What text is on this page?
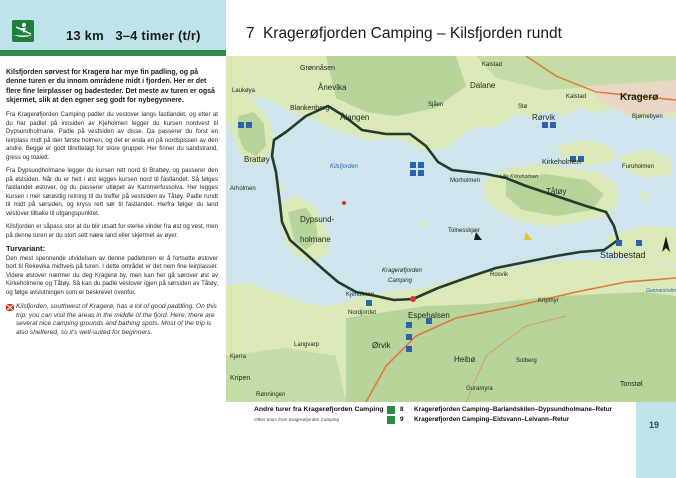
13 km 3–4 timer (t/r)

Kilsfjorden sørvest for Kragerø har mye fin padling, og på denne turen er du innom områdene midt i fjorden. Her er det flere fine leirplasser og badesteder. Det meste av turen er også skjermet, slik at den egner seg godt for nybegynnere.

Fra Kragerøfjorden Camping padler du vestover langs fastlandet, og etter at du har padlet på innsiden av Kjeholmen legger du kursen nordvest til Dypsundholmane. Padle på vestsiden av disse. Da passerer du forst en leirplass midt på den første holmen, og det er enda en på nordspissen av den andre. Begge er godt tilrettelagt for store grupper. Her finner du sandstrand, gress og toalett.

Fra Dypsundholmane legger du kursen rett nord til Brattøy, og passerer den på østsiden. Når du er helt i øst legges kursen nord til fastlandet. Så følges fastlandet østover, og du passerer utløpet av Kammerfossolva. Her legges kursen i mer sørøstlig retning til du treffer på vestsiden av Tåtøy. Padle rundt til midt på sørsiden, og kryss rett sør til fastlandet. Herfra følger du land vestover tilbake til utgangspunktet.

Kilsfjorden er såpass stor at du blir utsatt for sterke vinder fra øst og vest, men på denne turen er du stort sett nære land eller skjermet av øyer.

Turvariant:

Den mest spennende utvidelsen av denne padleturen er å fortsette østover bort til Rekevika midtveis på turen. I dette området er det nem fine leirplasser. Videre østover nærmer du deg Kragerø by, men kan her gå sørover øst av Kirkeholmene og Tåtøy. Så kan du padle vestover igjen på sørsiden av Tåtøy, og følge avslutningen som er beskrevet ovenfor.

Kilsfjorden, southwest of Kragerø, has a lot of good paddling. On this trip, you can visit the areas in the middle of the fjord. Here, there are several nice camping grounds and bathing spots. Most of the trip is also sheltered, so it's well-suited for beginners.
7 Kragerøfjorden Camping – Kilsfjorden rundt
Grønnåsen	Kalstad
Laukøya	Ånevika	Dalane
Kalstad	Kragerø
Blankenberg
Ålangen
Sjåen	Stø
Rørvik	Bjørnebyen
Brattøy
Kilsfjorden	Furuholmen
Kirkeholmen
Lille Kirkeholmen
Arholmen
Morholmen
Tåtøy
Dypsund-
holmane
Tolnesskjær
Kragerøfjorden
Camping
Stabbestad
Rosvik
Gunnarsholm
Kjeholmen
Kripmyr
Nordjordet	Espehalsen
Langvarp	Ørvik
Heibø	Solberg
Kjerra
Kripen
Rønningen
Guramyra
Tonstøl
Andre turer fra Kragerøfjorden Camping
Other tours from Kragerøfjorden Camping
8	Kragerøfjorden Camping–Barlandskilen–Dypsundholmane–Retur
9	Kragerøfjorden Camping–Eidsvann–Leivann–Retur
19
